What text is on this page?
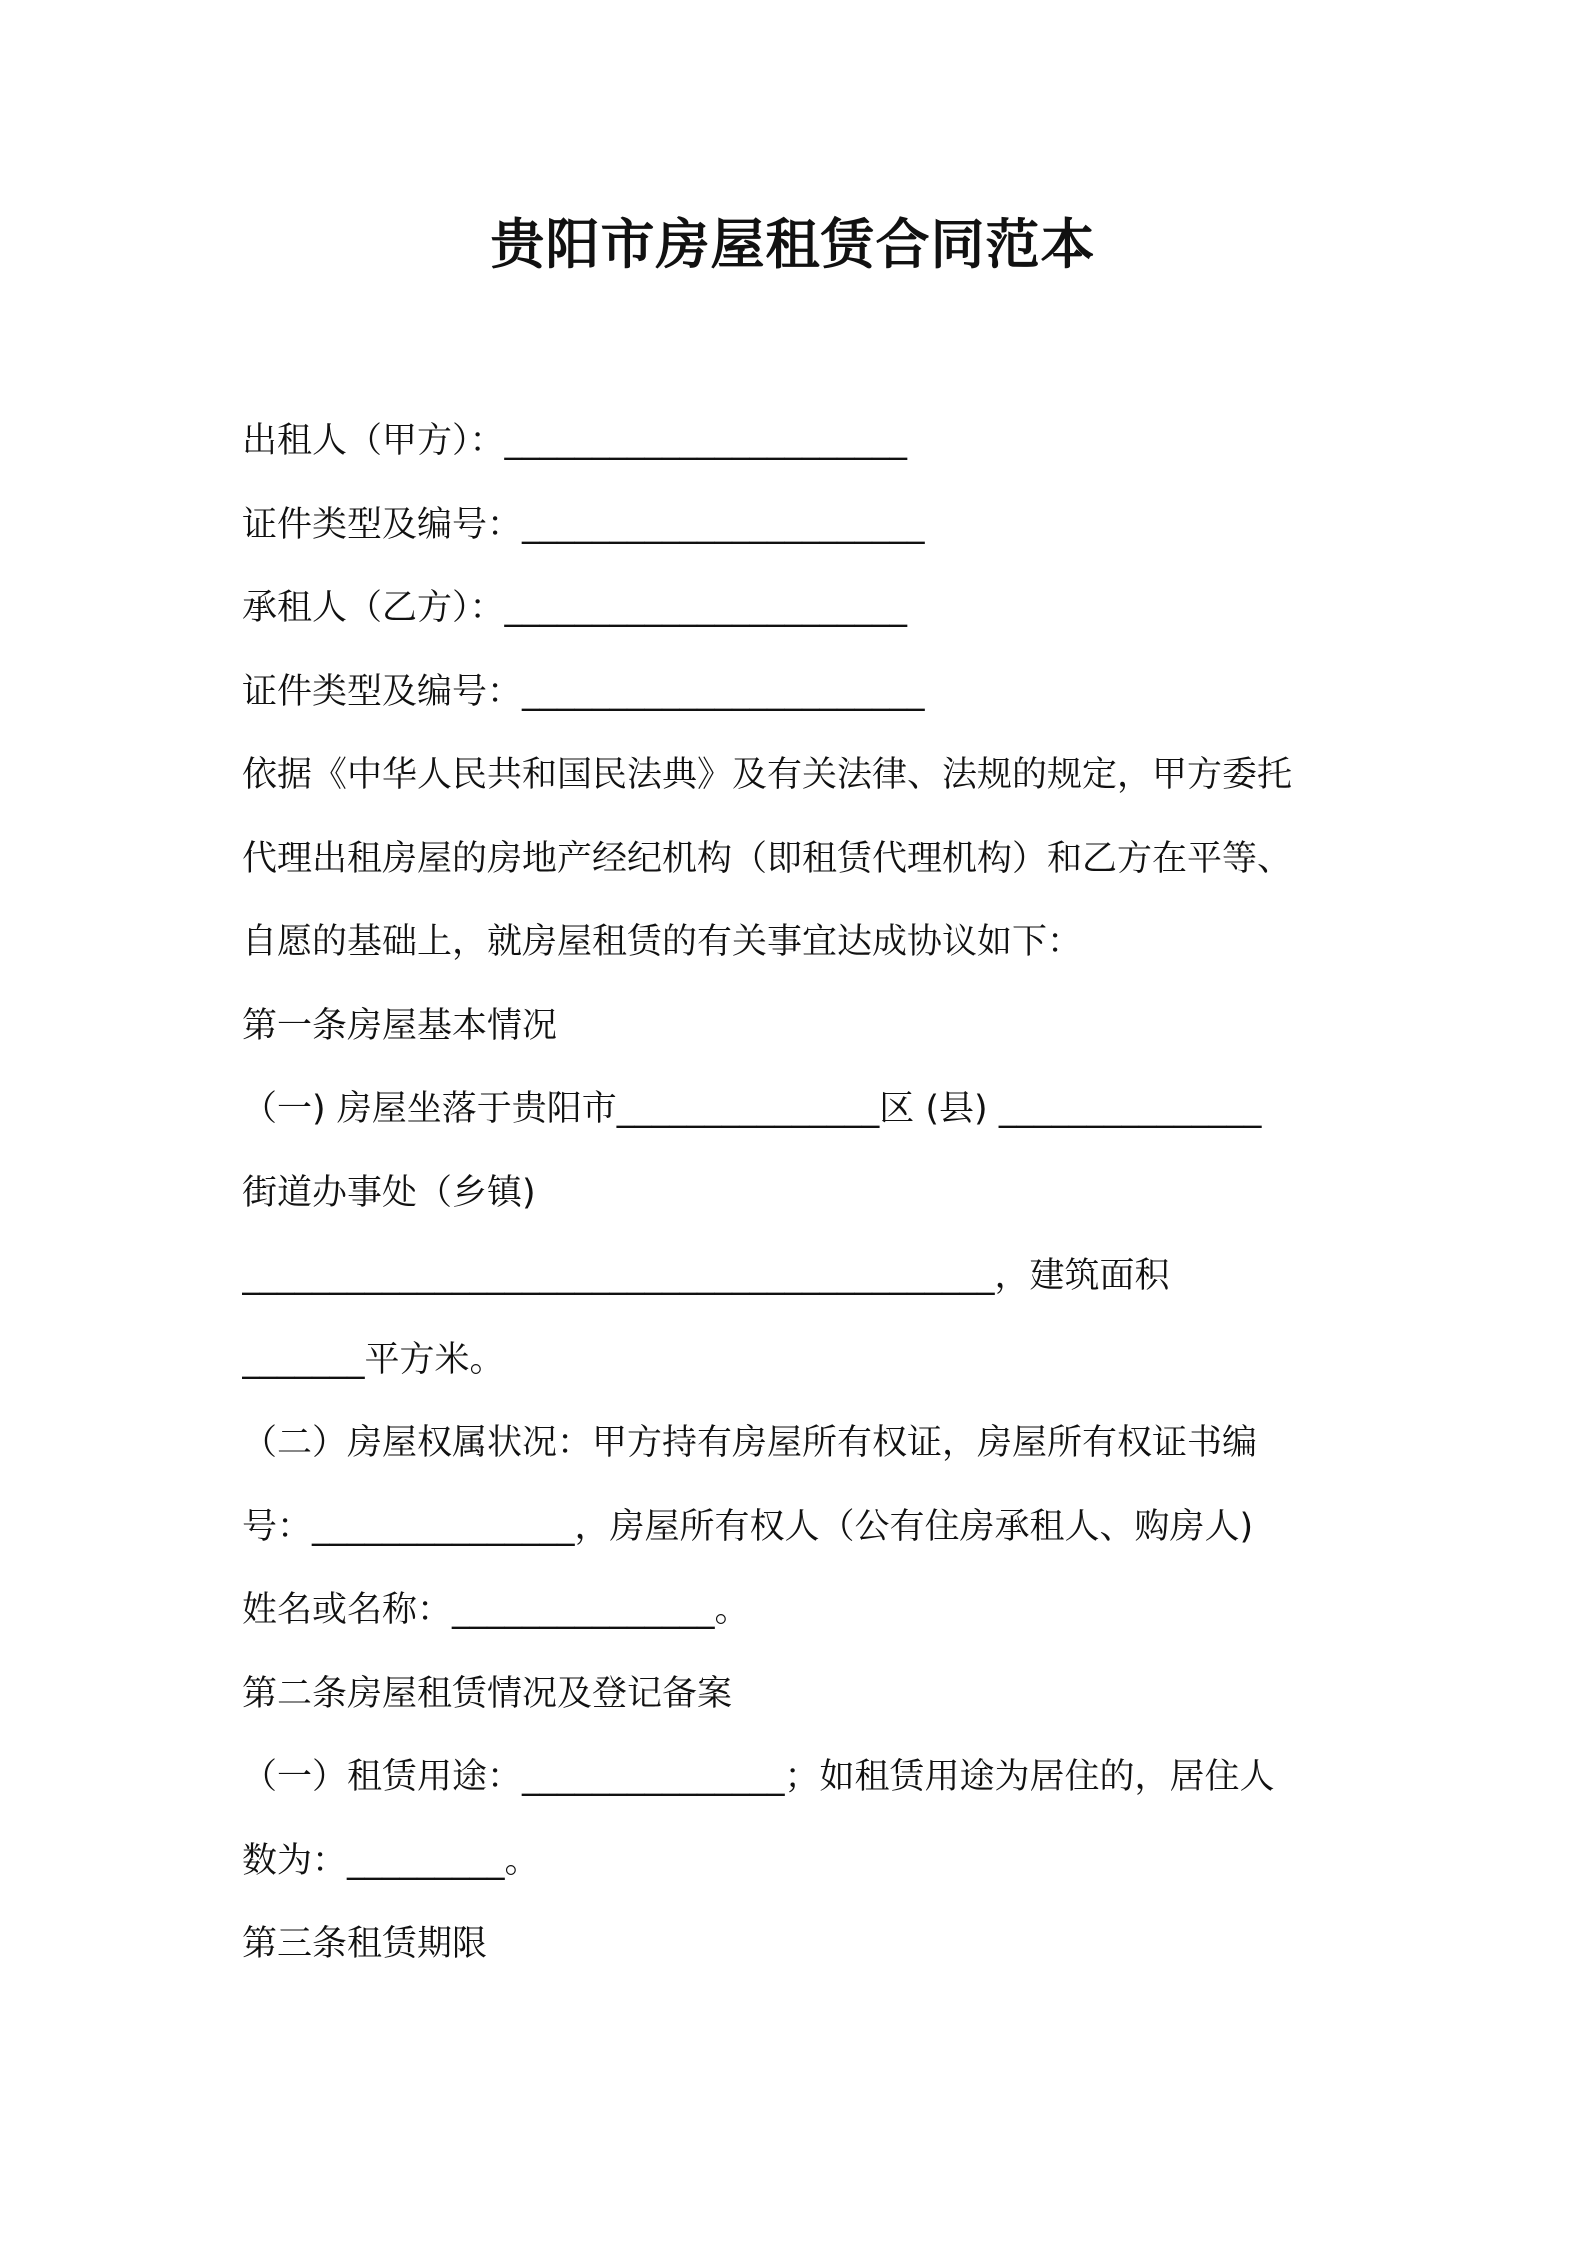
贵阳市房屋租赁合同范本
出租人（甲方）：_______________________
证件类型及编号：_______________________
承租人（乙方）：_______________________
证件类型及编号：_______________________
依据《中华人民共和国民法典》及有关法律、法规的规定，甲方委托
代理出租房屋的房地产经纪机构（即租赁代理机构）和乙方在平等、
自愿的基础上，就房屋租赁的有关事宜达成协议如下：
第一条房屋基本情况
（一) 房屋坐落于贵阳市_______________区 (县) _______________
街道办事处（乡镇)
___________________________________________，建筑面积
_______平方米。
（二）房屋权属状况：甲方持有房屋所有权证，房屋所有权证书编
号：_______________，房屋所有权人（公有住房承租人、购房人)
姓名或名称：_______________。
第二条房屋租赁情况及登记备案
（一）租赁用途：_______________；如租赁用途为居住的，居住人
数为：_________。
第三条租赁期限
